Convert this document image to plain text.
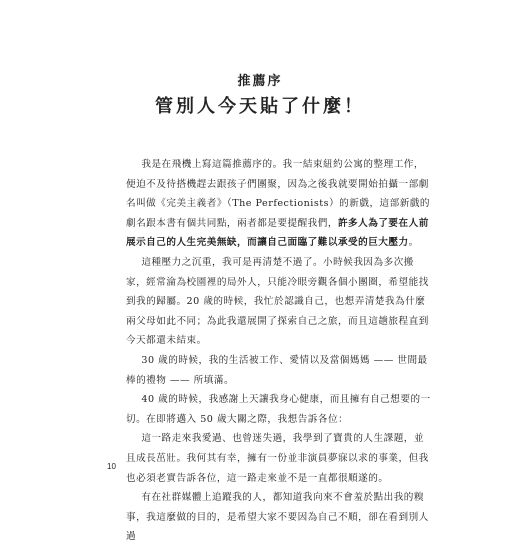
推薦序
管別人今天貼了什麼！

我是在飛機上寫這篇推薦序的。我一結束紐約公寓的整理工作，便迫不及待搭機趕去跟孩子們團聚，因為之後我就要開始拍攝一部劇名叫做《完美主義者》（The Perfectionists）的新戲，這部新戲的劇名跟本書有個共同點，兩者都是要提醒我們，許多人為了要在人前展示自己的人生完美無缺，而讓自己面臨了難以承受的巨大壓力。

這種壓力之沉重，我可是再清楚不過了。小時候我因為多次搬家，經常淪為校園裡的局外人，只能冷眼旁觀各個小團圈，希望能找到我的歸屬。20 歲的時候，我忙於認識自己，也想弄清楚我為什麼兩父母如此不同；為此我還展開了探索自己之旅，而且這趟旅程直到今天都還未結束。

30 歲的時候，我的生活被工作、愛情以及當個媽媽 —— 世間最棒的禮物 —— 所填滿。

40 歲的時候，我感謝上天讓我身心健康，而且擁有自己想要的一切。在即將邁入 50 歲大關之際，我想告訴各位：

這一路走來我愛過、也曾迷失過，我學到了寶貴的人生課題，並且成長茁壯。我何其有幸，擁有一份並非演員夢寐以求的事業，但我也必須老實告訴各位，這一路走來並不是一直都很順遂的。

有在社群媒體上追蹤我的人，都知道我向來不會羞於點出我的糗事，我這麼做的目的，是希望大家不要因為自己不順，卻在看到別人過

10
